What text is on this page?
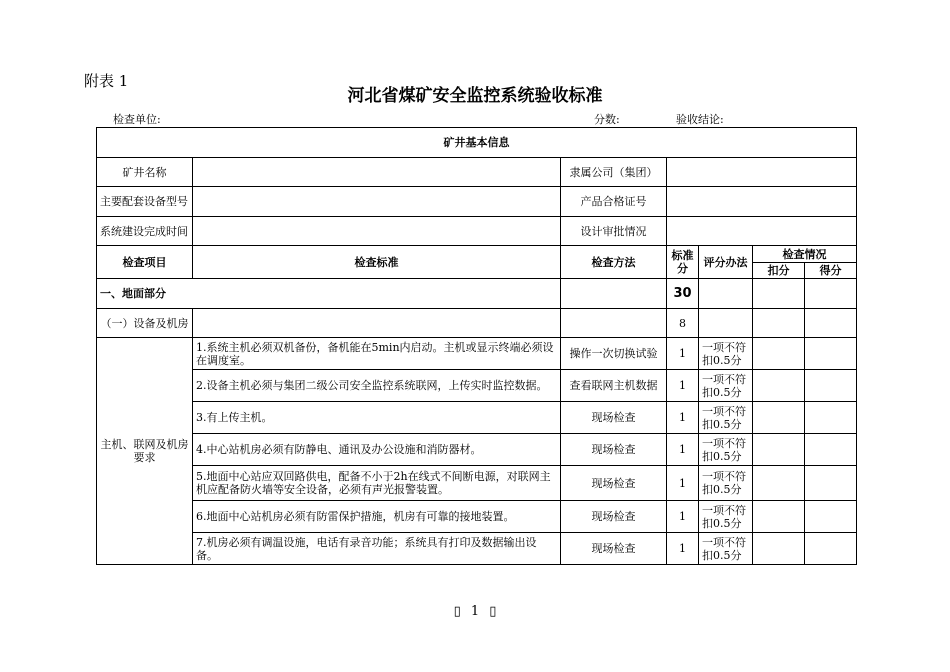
附表 1
河北省煤矿安全监控系统验收标准
检查单位:	分数:	验收结论:
矿井基本信息						
矿井名称		隶属公司（集团）				
主要配套设备型号		产品合格证号				
系统建设完成时间		设计审批情况				
检查项目	检查标准	检查方法	标准分	评分办法	检查情况	
					扣分	得分
一、地面部分			30			
（一）设备及机房			8			
主机、联网及机房要求	1.系统主机必须双机备份，备机能在5min内启动。主机或显示终端必须设在调度室。	操作一次切换试验	1	一项不符扣0.5分		
	2.设备主机必须与集团二级公司安全监控系统联网，上传实时监控数据。	查看联网主机数据	1	一项不符扣0.5分		
	3.有上传主机。	现场检查	1	一项不符扣0.5分		
	4.中心站机房必须有防静电、通讯及办公设施和消防器材。	现场检查	1	一项不符扣0.5分		
	5.地面中心站应双回路供电，配备不小于2h在线式不间断电源，对联网主机应配备防火墙等安全设备，必须有声光报警装置。	现场检查	1	一项不符扣0.5分		
	6.地面中心站机房必须有防雷保护措施，机房有可靠的接地装置。	现场检查	1	一项不符扣0.5分		
	7.机房必须有调温设施，电话有录音功能；系统具有打印及数据输出设备。	现场检查	1	一项不符扣0.5分		
▯ 1 ▯
